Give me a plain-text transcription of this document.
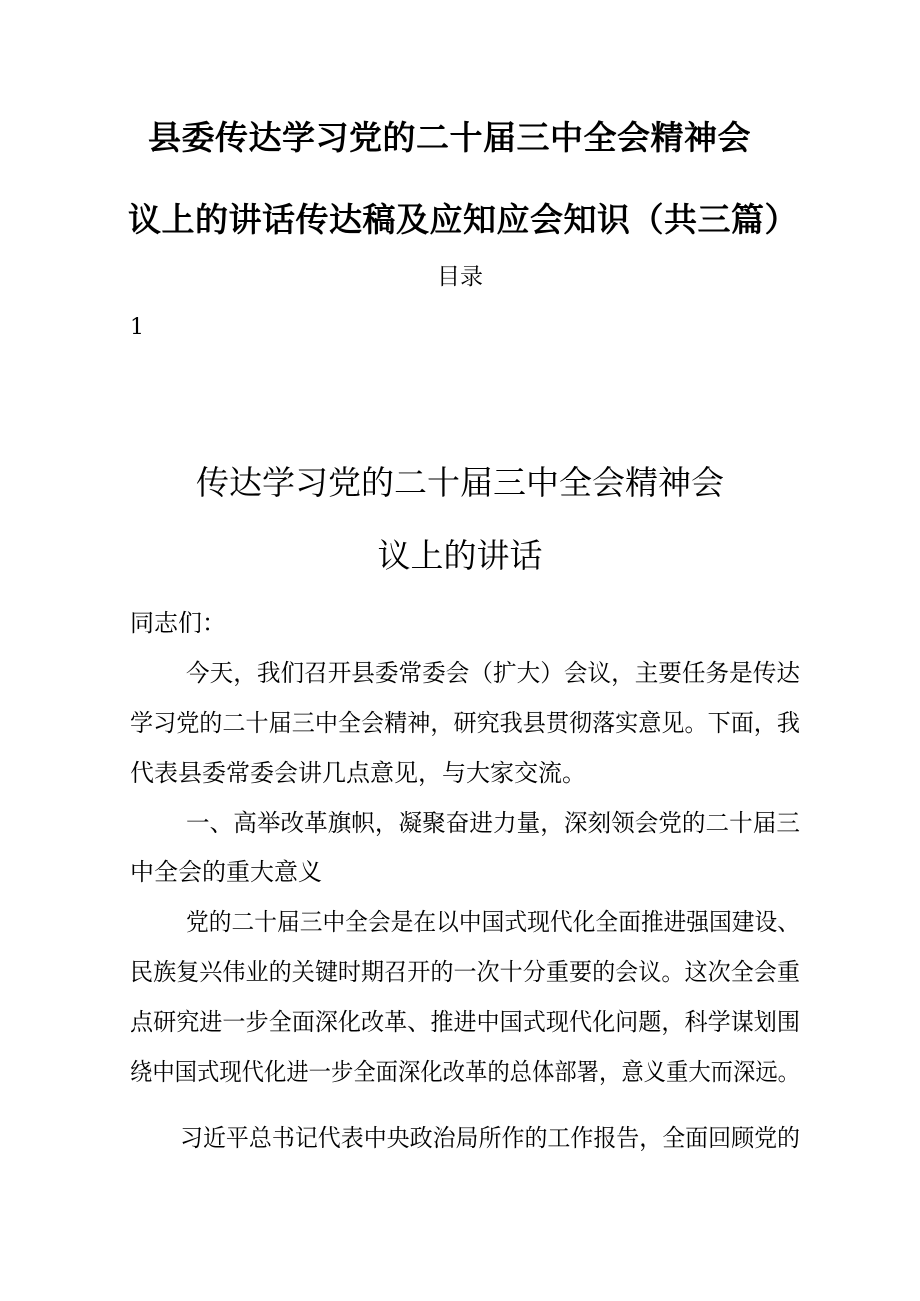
县委传达学习党的二十届三中全会精神会
议上的讲话传达稿及应知应会知识（共三篇）
目录
1
传达学习党的二十届三中全会精神会
议上的讲话
同志们：
今天，我们召开县委常委会（扩大）会议，主要任务是传达
学习党的二十届三中全会精神，研究我县贯彻落实意见。下面，我
代表县委常委会讲几点意见，与大家交流。
一、高举改革旗帜，凝聚奋进力量，深刻领会党的二十届三
中全会的重大意义
党的二十届三中全会是在以中国式现代化全面推进强国建设、
民族复兴伟业的关键时期召开的一次十分重要的会议。这次全会重
点研究进一步全面深化改革、推进中国式现代化问题，科学谋划围
绕中国式现代化进一步全面深化改革的总体部署，意义重大而深远。
习近平总书记代表中央政治局所作的工作报告，全面回顾党的
